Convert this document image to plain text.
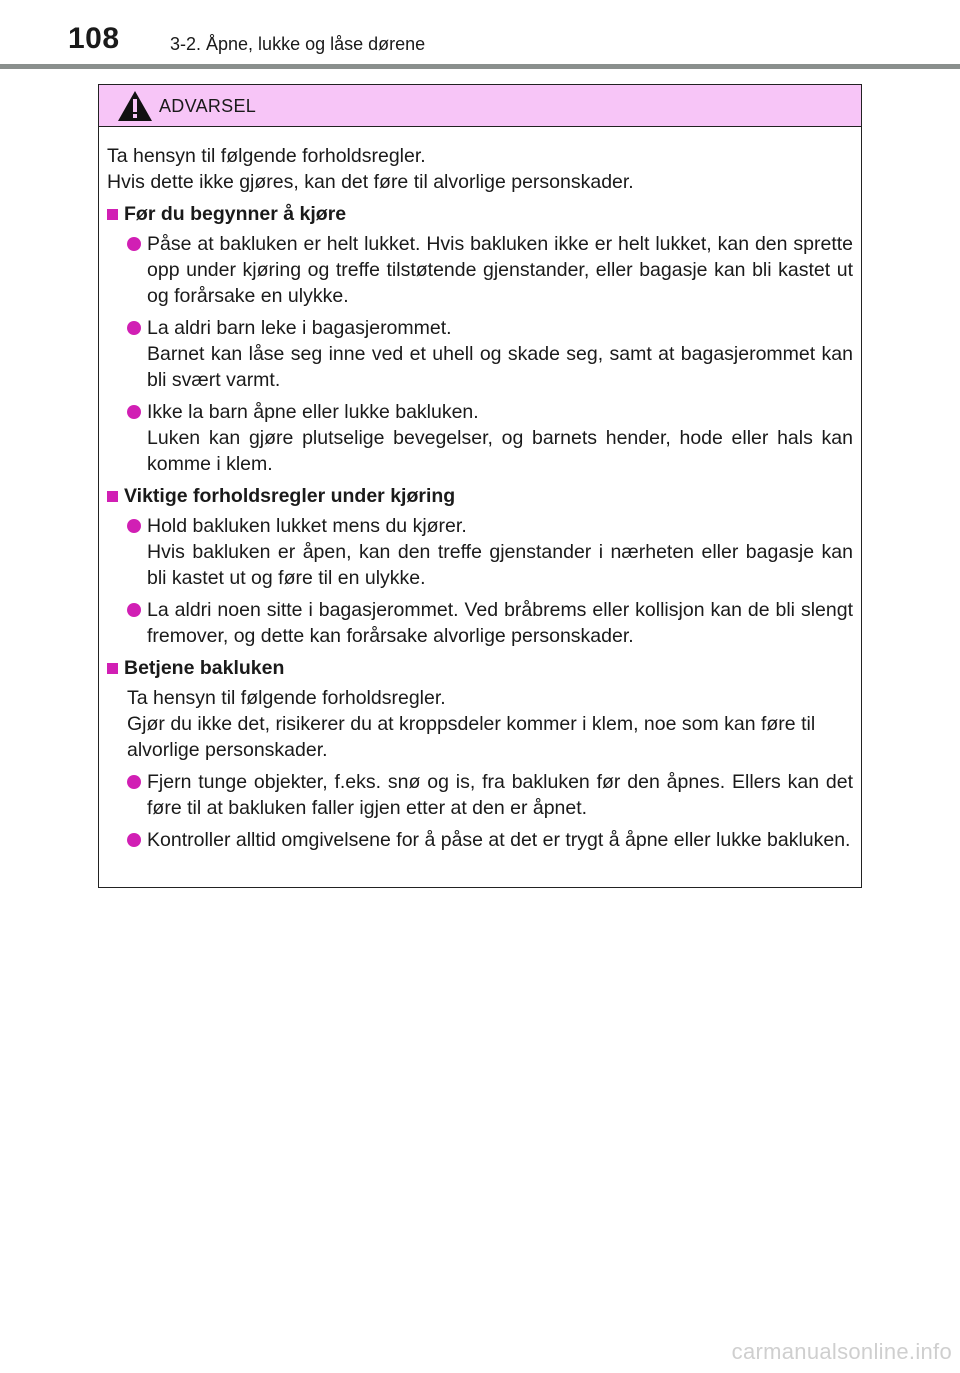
108	3-2. Åpne, lukke og låse dørene
ADVARSEL
Ta hensyn til følgende forholdsregler.
Hvis dette ikke gjøres, kan det føre til alvorlige personskader.
Før du begynner å kjøre
Påse at bakluken er helt lukket. Hvis bakluken ikke er helt lukket, kan den sprette opp under kjøring og treffe tilstøtende gjenstander, eller bagasje kan bli kastet ut og forårsake en ulykke.
La aldri barn leke i bagasjerommet.
Barnet kan låse seg inne ved et uhell og skade seg, samt at bagasjerommet kan bli svært varmt.
Ikke la barn åpne eller lukke bakluken.
Luken kan gjøre plutselige bevegelser, og barnets hender, hode eller hals kan komme i klem.
Viktige forholdsregler under kjøring
Hold bakluken lukket mens du kjører.
Hvis bakluken er åpen, kan den treffe gjenstander i nærheten eller bagasje kan bli kastet ut og føre til en ulykke.
La aldri noen sitte i bagasjerommet. Ved bråbrems eller kollisjon kan de bli slengt fremover, og dette kan forårsake alvorlige personskader.
Betjene bakluken
Ta hensyn til følgende forholdsregler.
Gjør du ikke det, risikerer du at kroppsdeler kommer i klem, noe som kan føre til alvorlige personskader.
Fjern tunge objekter, f.eks. snø og is, fra bakluken før den åpnes. Ellers kan det føre til at bakluken faller igjen etter at den er åpnet.
Kontroller alltid omgivelsene for å påse at det er trygt å åpne eller lukke bakluken.
carmanualsonline.info
